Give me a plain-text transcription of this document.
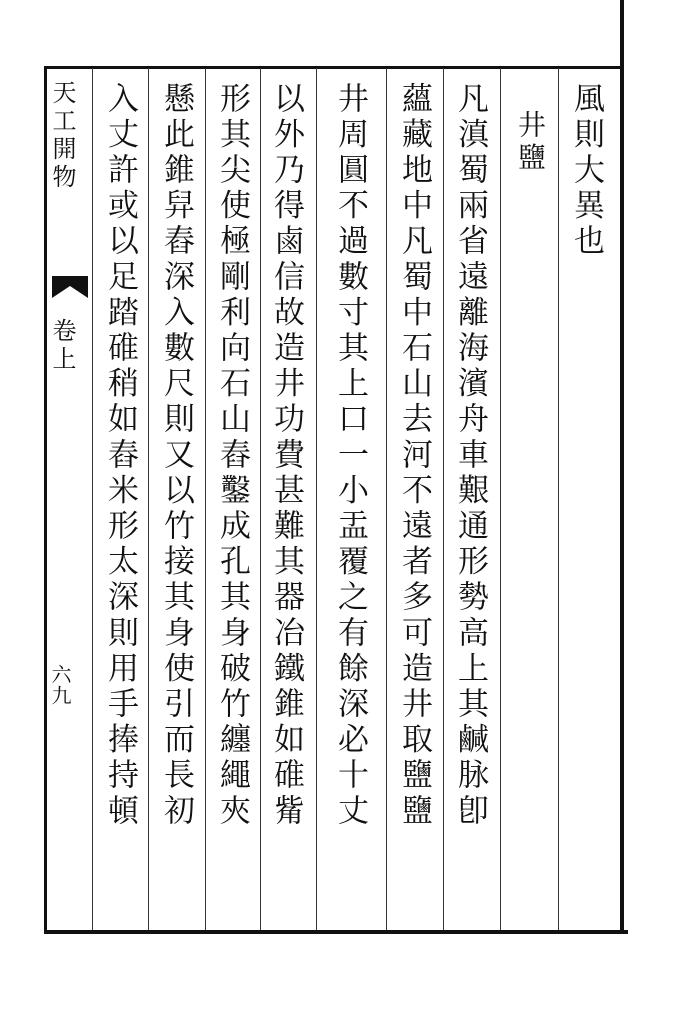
天工開物
卷上
六九
風則大異也
井鹽
凡滇蜀兩省遠離海濱舟車艱通形勢高上其鹹脉卽
蘊藏地中凡蜀中石山去河不遠者多可造井取鹽鹽
井周圓不過數寸其上口一小盂覆之有餘深必十丈
以外乃得鹵信故造井功費甚難其器冶鐵錐如碓觜
形其尖使極剛利向石山舂鑿成孔其身破竹纏繩夾
懸此錐舁舂深入數尺則又以竹接其身使引而長初
入丈許或以足踏碓稍如舂米形太深則用手捧持頓
